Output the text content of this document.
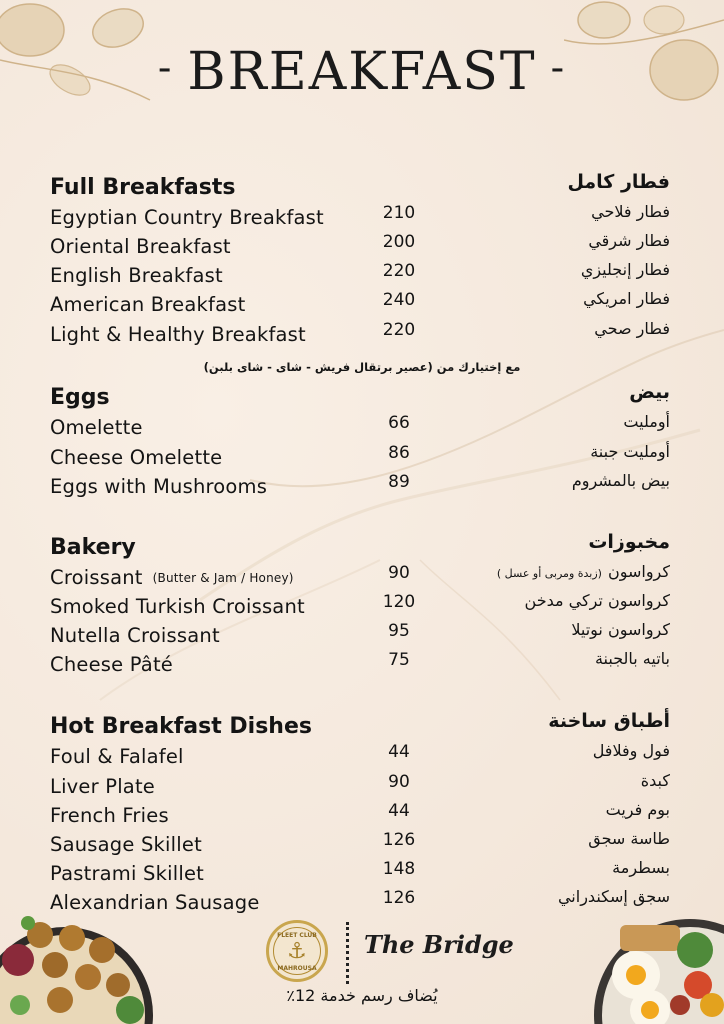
- BREAKFAST -
Full Breakfasts	فطار كامل
Egyptian Country Breakfast	210	فطار فلاحي
Oriental Breakfast	200	فطار شرقي
English Breakfast	220	فطار إنجليزي
American Breakfast	240	فطار امريكي
Light & Healthy Breakfast	220	فطار صحي
مع إختيارك من (عصير برتقال فريش - شاى - شاى بلبن)
Eggs	بيض
Omelette	66	أومليت
Cheese Omelette	86	أومليت جبنة
Eggs with Mushrooms	89	بيض بالمشروم
Bakery	مخبوزات
Croissant (Butter & Jam / Honey)	90	كرواسون(زبدة ومربى أو عسل )
Smoked Turkish Croissant	120	كرواسون تركي مدخن
Nutella Croissant	95	كرواسون نوتيلا
Cheese Pâté	75	باتيه بالجبنة
Hot Breakfast Dishes	أطباق ساخنة
Foul & Falafel	44	فول وفلافل
Liver Plate	90	كبدة
French Fries	44	بوم فريت
Sausage Skillet	126	طاسة سجق
Pastrami Skillet	148	بسطرمة
Alexandrian Sausage	126	سجق إسكندراني
FLEET CLUB
⚓
MAHROUSA
The Bridge
يُضاف رسم خدمة 12٪
